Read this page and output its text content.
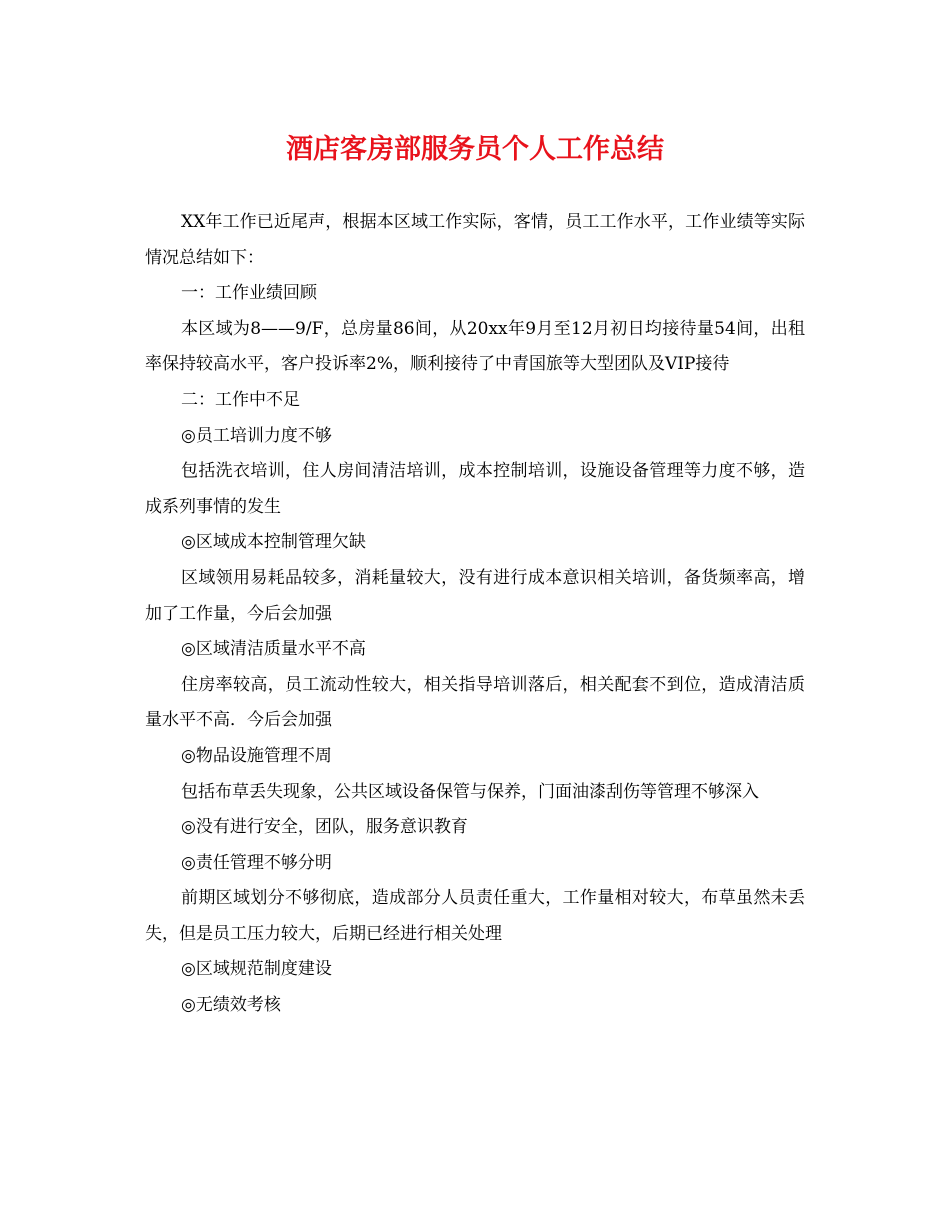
酒店客房部服务员个人工作总结

XX年工作已近尾声，根据本区域工作实际，客情，员工工作水平，工作业绩等实际情况总结如下：

一：工作业绩回顾

本区域为8——9/F，总房量86间，从20xx年9月至12月初日均接待量54间，出租率保持较高水平，客户投诉率2%，顺利接待了中青国旅等大型团队及VIP接待

二：工作中不足

◎员工培训力度不够

包括洗衣培训，住人房间清洁培训，成本控制培训，设施设备管理等力度不够，造成系列事情的发生

◎区域成本控制管理欠缺

区域领用易耗品较多，消耗量较大，没有进行成本意识相关培训，备货频率高，增加了工作量，今后会加强

◎区域清洁质量水平不高

住房率较高，员工流动性较大，相关指导培训落后，相关配套不到位，造成清洁质量水平不高．今后会加强

◎物品设施管理不周

包括布草丢失现象，公共区域设备保管与保养，门面油漆刮伤等管理不够深入

◎没有进行安全，团队，服务意识教育

◎责任管理不够分明

前期区域划分不够彻底，造成部分人员责任重大，工作量相对较大，布草虽然未丢失，但是员工压力较大，后期已经进行相关处理

◎区域规范制度建设

◎无绩效考核
